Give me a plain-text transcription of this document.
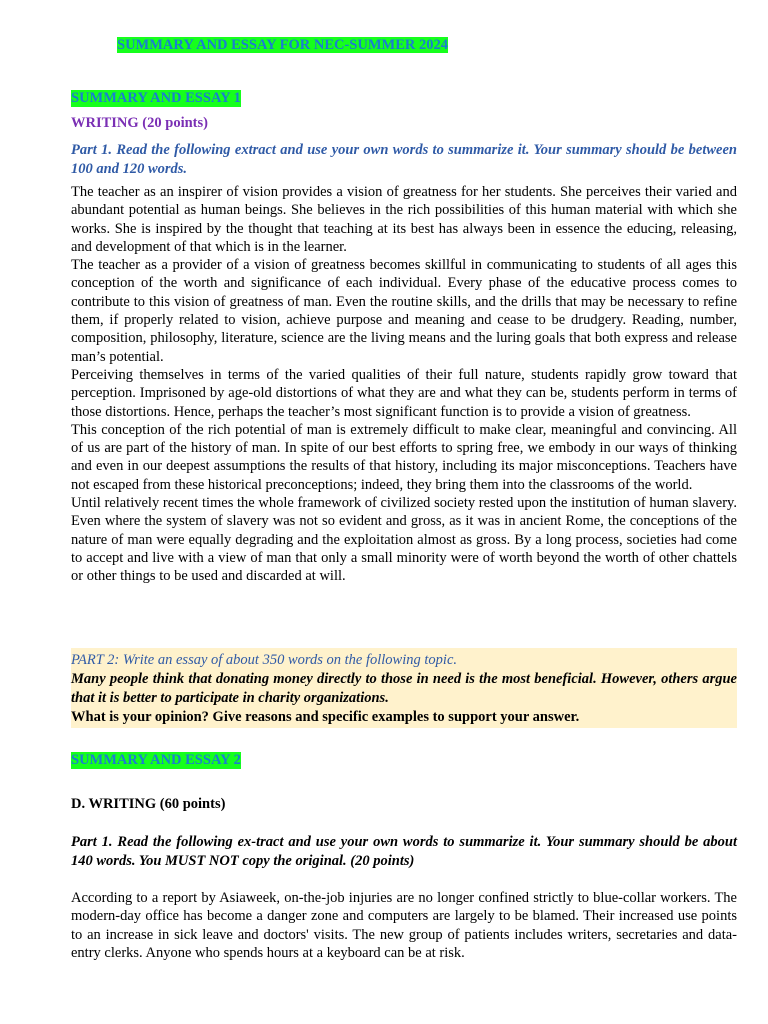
SUMMARY AND ESSAY FOR NEC-SUMMER 2024
SUMMARY AND ESSAY 1
WRITING (20 points)

Part 1. Read the following extract and use your own words to summarize it. Your summary should be between 100 and 120 words.

The teacher as an inspirer of vision provides a vision of greatness for her students. She perceives their varied and abundant potential as human beings. She believes in the rich possibilities of this human material with which she works. She is inspired by the thought that teaching at its best has always been in essence the educing, releasing, and development of that which is in the learner.

The teacher as a provider of a vision of greatness becomes skillful in communicating to students of all ages this conception of the worth and significance of each individual. Every phase of the educative process comes to contribute to this vision of greatness of man. Even the routine skills, and the drills that may be necessary to refine them, if properly related to vision, achieve purpose and meaning and cease to be drudgery. Reading, number, composition, philosophy, literature, science are the living means and the luring goals that both express and release man’s potential.

Perceiving themselves in terms of the varied qualities of their full nature, students rapidly grow toward that perception. Imprisoned by age-old distortions of what they are and what they can be, students perform in terms of those distortions. Hence, perhaps the teacher’s most significant function is to provide a vision of greatness.

This conception of the rich potential of man is extremely difficult to make clear, meaningful and convincing. All of us are part of the history of man. In spite of our best efforts to spring free, we embody in our ways of thinking and even in our deepest assumptions the results of that history, including its major misconceptions. Teachers have not escaped from these historical preconceptions; indeed, they bring them into the classrooms of the world.

Until relatively recent times the whole framework of civilized society rested upon the institution of human slavery. Even where the system of slavery was not so evident and gross, as it was in ancient Rome, the conceptions of the nature of man were equally degrading and the exploitation almost as gross. By a long process, societies had come to accept and live with a view of man that only a small minority were of worth beyond the worth of other chattels or other things to be used and discarded at will.

PART 2: Write an essay of about 350 words on the following topic.
Many people think that donating money directly to those in need is the most beneficial. However, others argue that it is better to participate in charity organizations.
What is your opinion? Give reasons and specific examples to support your answer.
SUMMARY AND ESSAY 2
D. WRITING (60 points)

Part 1. Read the following ex-tract and use your own words to summarize it. Your summary should be about 140 words. You MUST NOT copy the original. (20 points)

According to a report by Asiaweek, on-the-job injuries are no longer confined strictly to blue-collar workers. The modern-day office has become a danger zone and computers are largely to be blamed. Their increased use points to an increase in sick leave and doctors' visits. The new group of patients includes writers, secretaries and data-entry clerks. Anyone who spends hours at a keyboard can be at risk.
